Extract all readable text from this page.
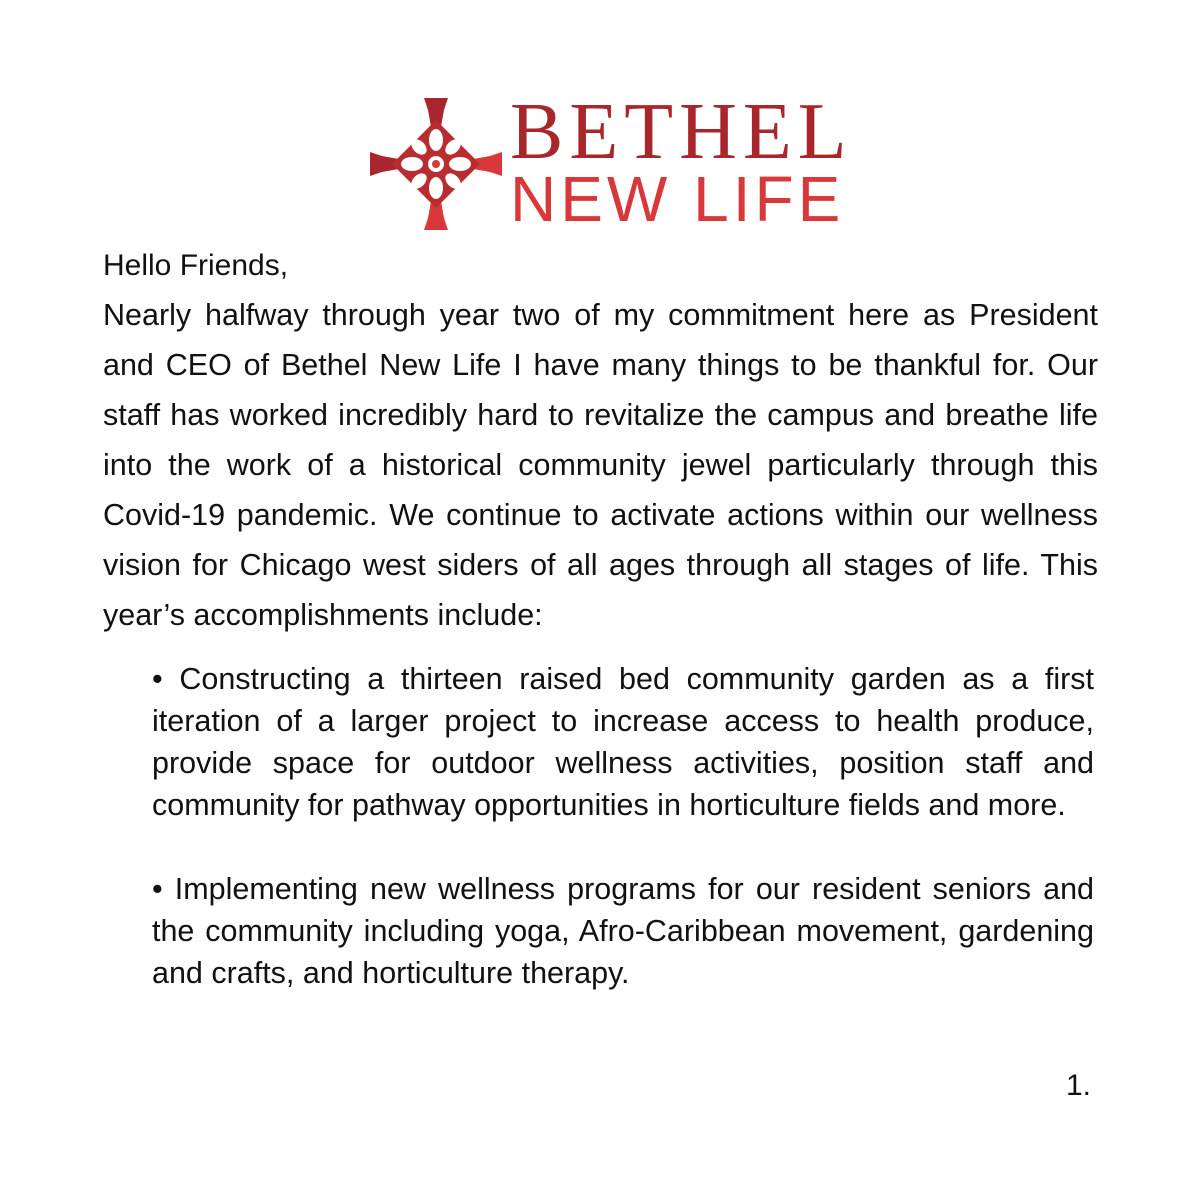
BETHEL
NEW LIFE
Hello Friends,

Nearly halfway through year two of my commitment here as President and CEO of Bethel New Life I have many things to be thankful for. Our staff has worked incredibly hard to revitalize the campus and breathe life into the work of a historical community jewel particularly through this Covid-19 pandemic. We continue to activate actions within our wellness vision for Chicago west siders of all ages through all stages of life. This year’s accomplishments include:

• Constructing a thirteen raised bed community garden as a first iteration of a larger project to increase access to health produce, provide space for outdoor wellness activities, position staff and community for pathway opportunities in horticulture fields and more.
• Implementing new wellness programs for our resident seniors and the community including yoga, Afro-Caribbean movement, gardening and crafts, and horticulture therapy.
1.
